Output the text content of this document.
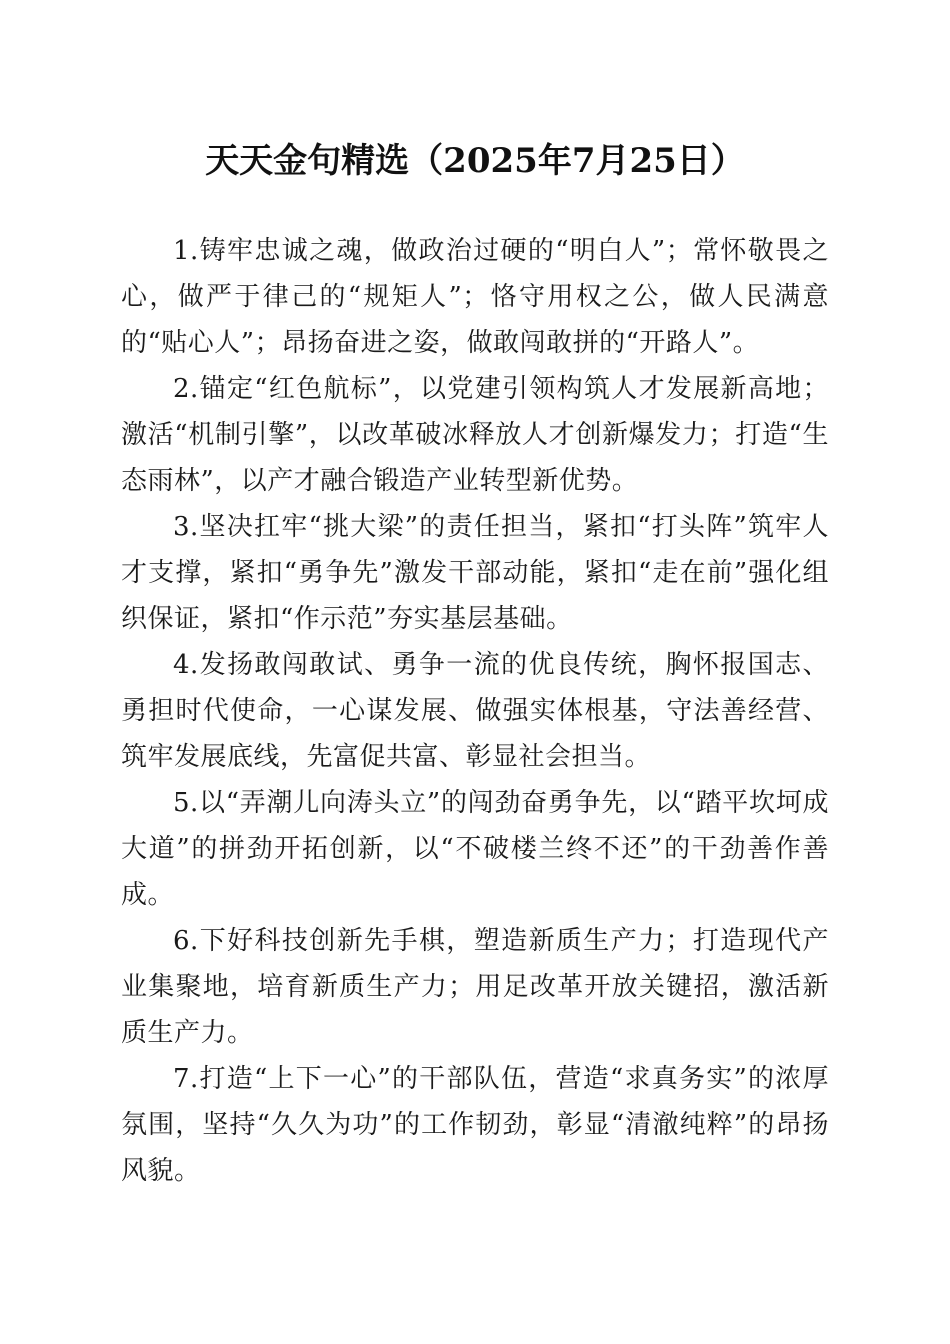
天天金句精选（2025年7月25日）

1.铸牢忠诚之魂，做政治过硬的“明白人”；常怀敬畏之心，做严于律己的“规矩人”；恪守用权之公，做人民满意的“贴心人”；昂扬奋进之姿，做敢闯敢拼的“开路人”。

2.锚定“红色航标”，以党建引领构筑人才发展新高地；激活“机制引擎”，以改革破冰释放人才创新爆发力；打造“生态雨林”，以产才融合锻造产业转型新优势。

3.坚决扛牢“挑大梁”的责任担当，紧扣“打头阵”筑牢人才支撑，紧扣“勇争先”激发干部动能，紧扣“走在前”强化组织保证，紧扣“作示范”夯实基层基础。

4.发扬敢闯敢试、勇争一流的优良传统，胸怀报国志、勇担时代使命，一心谋发展、做强实体根基，守法善经营、筑牢发展底线，先富促共富、彰显社会担当。

5.以“弄潮儿向涛头立”的闯劲奋勇争先，以“踏平坎坷成大道”的拼劲开拓创新，以“不破楼兰终不还”的干劲善作善成。

6.下好科技创新先手棋，塑造新质生产力；打造现代产业集聚地，培育新质生产力；用足改革开放关键招，激活新质生产力。

7.打造“上下一心”的干部队伍，营造“求真务实”的浓厚氛围，坚持“久久为功”的工作韧劲，彰显“清澈纯粹”的昂扬风貌。
